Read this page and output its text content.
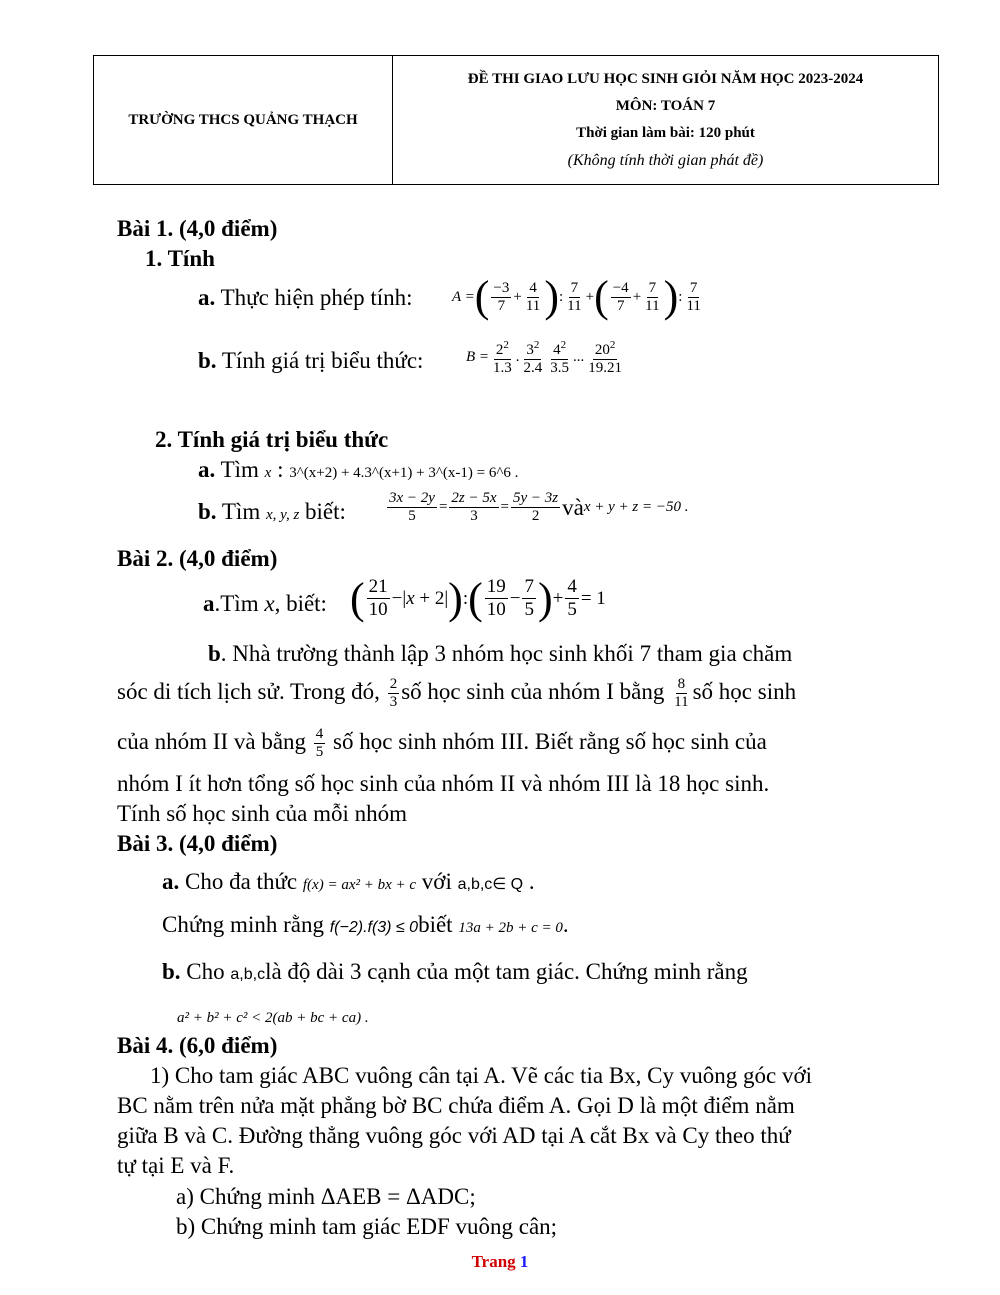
TRƯỜNG THCS QUẢNG THẠCH
ĐỀ THI GIAO LƯU HỌC SINH GIỎI NĂM HỌC 2023-2024
MÔN: TOÁN 7
Thời gian làm bài: 120 phút
(Không tính thời gian phát đề)
Bài 1. (4,0 điểm)
1. Tính
a. Thực hiện phép tính:	A = ( $\frac{-3}{7} + \frac{4}{11}$ ) : $\frac{7}{11}$ + ( $\frac{-4}{7} + \frac{7}{11}$ ) : $\frac{7}{11}$
b. Tính giá trị biểu thức:	$B = \frac{2^2}{1.3}$ . $\frac{3^2}{2.4} \frac{4^2}{3.5}$ ... $\frac{20^2}{19.21}$
2. Tính giá trị biểu thức
a. Tìm x : 3^(x+2) + 4.3^(x+1) + 3^(x-1) = 6^6 .
b. Tìm x, y, z biết:	$\frac{3x - 2y}{5} = \frac{2z - 5x}{3} = \frac{5y - 3z}{2}$ và x + y + z = −50 .
Bài 2. (4,0 điểm)
a.Tìm x, biết: ( $\frac{21}{10} -|x + 2|$ ) : ( $\frac{19}{10} - \frac{7}{5}$ ) + $\frac{4}{5} = 1$
b. Nhà trường thành lập 3 nhóm học sinh khối 7 tham gia chăm
sóc di tích lịch sử. Trong đó, $\frac{2}{3}$ số học sinh của nhóm I bằng $\frac{8}{11}$ số học sinh
của nhóm II và bằng $\frac{4}{5}$ số học sinh nhóm III. Biết rằng số học sinh của
nhóm I ít hơn tổng số học sinh của nhóm II và nhóm III là 18 học sinh.
Tính số học sinh của mỗi nhóm
Bài 3. (4,0 điểm)
a. Cho đa thức f(x) = ax² + bx + c với a,b,c∈ Q .
Chứng minh rằng f(−2).f(3) ≤ 0biết 13a + 2b + c = 0.
b. Cho a,b,clà độ dài 3 cạnh của một tam giác. Chứng minh rằng
a² + b² + c² < 2(ab + bc + ca) .
Bài 4. (6,0 điểm)
1) Cho tam giác ABC vuông cân tại A. Vẽ các tia Bx, Cy vuông góc với
BC nằm trên nửa mặt phẳng bờ BC chứa điểm A. Gọi D là một điểm nằm
giữa B và C. Đường thẳng vuông góc với AD tại A cắt Bx và Cy theo thứ
tự tại E và F.
a) Chứng minh ΔAEB = ΔADC;
b) Chứng minh tam giác EDF vuông cân;
Trang 1
